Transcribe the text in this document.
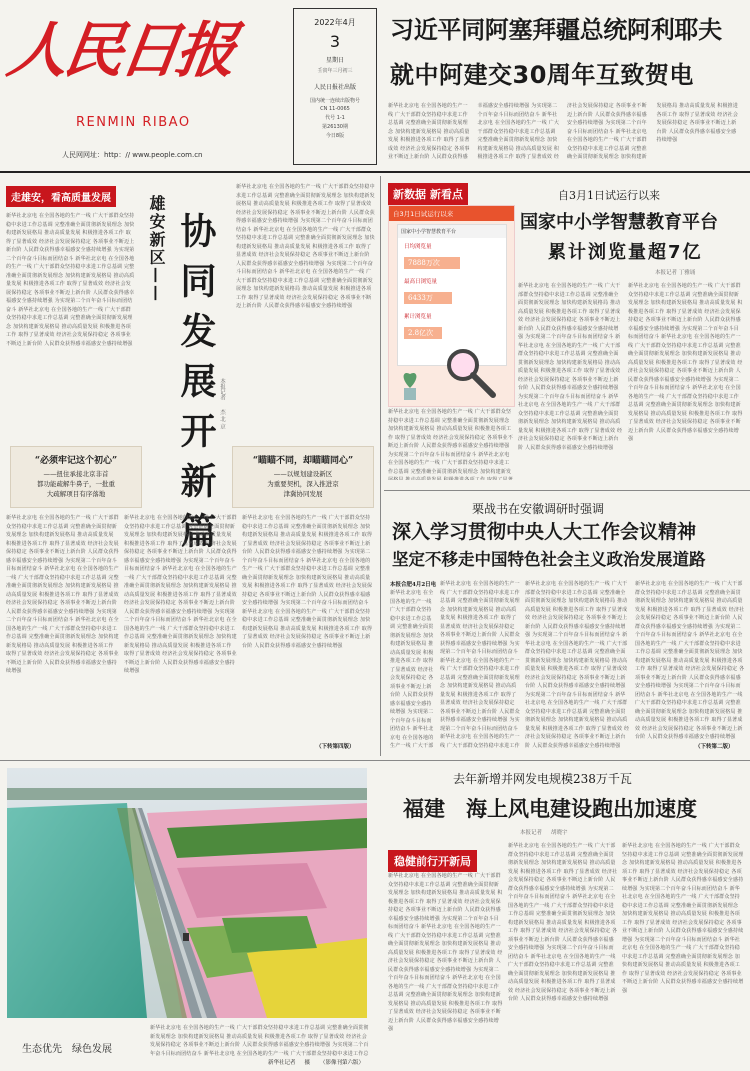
人民日报
RENMIN RIBAO
人民网网址：http：// www.people.com.cn
2022年4月
3
星期日
壬寅年三月初三
人民日报社出版
国内统一连续出版物号
CN 11-0065
代号 1-1
第26130期
今日8版
习近平同阿塞拜疆总统阿利耶夫
就中阿建交30周年互致贺电
新华社北京电 在全国各地的生产一线 广大干部群众坚持稳中求进工作总基调 完整准确全面贯彻新发展理念 加快构建新发展格局 推动高质量发展 积极推进各项工作 取得了显著成效 经济社会发展保持稳定 各项事业不断迈上新台阶 人民群众获得感幸福感安全感持续增强 为实现第二个百年奋斗目标而团结奋斗 新华社北京电 在全国各地的生产一线 广大干部群众坚持稳中求进工作总基调 完整准确全面贯彻新发展理念 加快构建新发展格局 推动高质量发展 积极推进各项工作 取得了显著成效 经济社会发展保持稳定 各项事业不断迈上新台阶 人民群众获得感幸福感安全感持续增强 为实现第二个百年奋斗目标而团结奋斗 新华社北京电 在全国各地的生产一线 广大干部群众坚持稳中求进工作总基调 完整准确全面贯彻新发展理念 加快构建新发展格局 推动高质量发展 积极推进各项工作 取得了显著成效 经济社会发展保持稳定 各项事业不断迈上新台阶 人民群众获得感幸福感安全感持续增强
走雄安，看高质量发展	雄安新区—— 协同发展开新篇 本报记者 　 杰 北 京
新华社北京电 在全国各地的生产一线 广大干部群众坚持稳中求进工作总基调 完整准确全面贯彻新发展理念 加快构建新发展格局 推动高质量发展 积极推进各项工作 取得了显著成效 经济社会发展保持稳定 各项事业不断迈上新台阶 人民群众获得感幸福感安全感持续增强 为实现第二个百年奋斗目标而团结奋斗 新华社北京电 在全国各地的生产一线 广大干部群众坚持稳中求进工作总基调 完整准确全面贯彻新发展理念 加快构建新发展格局 推动高质量发展 积极推进各项工作 取得了显著成效 经济社会发展保持稳定 各项事业不断迈上新台阶 人民群众获得感幸福感安全感持续增强 为实现第二个百年奋斗目标而团结奋斗 新华社北京电 在全国各地的生产一线 广大干部群众坚持稳中求进工作总基调 完整准确全面贯彻新发展理念 加快构建新发展格局 推动高质量发展 积极推进各项工作 取得了显著成效 经济社会发展保持稳定 各项事业不断迈上新台阶 人民群众获得感幸福感安全感持续增强
新华社北京电 在全国各地的生产一线 广大干部群众坚持稳中求进工作总基调 完整准确全面贯彻新发展理念 加快构建新发展格局 推动高质量发展 积极推进各项工作 取得了显著成效 经济社会发展保持稳定 各项事业不断迈上新台阶 人民群众获得感幸福感安全感持续增强 为实现第二个百年奋斗目标而团结奋斗 新华社北京电 在全国各地的生产一线 广大干部群众坚持稳中求进工作总基调 完整准确全面贯彻新发展理念 加快构建新发展格局 推动高质量发展 积极推进各项工作 取得了显著成效 经济社会发展保持稳定 各项事业不断迈上新台阶 人民群众获得感幸福感安全感持续增强 为实现第二个百年奋斗目标而团结奋斗 新华社北京电 在全国各地的生产一线 广大干部群众坚持稳中求进工作总基调 完整准确全面贯彻新发展理念 加快构建新发展格局 推动高质量发展 积极推进各项工作 取得了显著成效 经济社会发展保持稳定 各项事业不断迈上新台阶 人民群众获得感幸福感安全感持续增强
“必须牢记这个初心”
——扭住承接北京非首
都功能疏解牛鼻子，一批重
大疏解项目有序落地
“瞄瞄不同，却瞄瞄同心”
——以规划建设新区
为重要契机，深入推进京
津冀协同发展
新华社北京电 在全国各地的生产一线 广大干部群众坚持稳中求进工作总基调 完整准确全面贯彻新发展理念 加快构建新发展格局 推动高质量发展 积极推进各项工作 取得了显著成效 经济社会发展保持稳定 各项事业不断迈上新台阶 人民群众获得感幸福感安全感持续增强 为实现第二个百年奋斗目标而团结奋斗 新华社北京电 在全国各地的生产一线 广大干部群众坚持稳中求进工作总基调 完整准确全面贯彻新发展理念 加快构建新发展格局 推动高质量发展 积极推进各项工作 取得了显著成效 经济社会发展保持稳定 各项事业不断迈上新台阶 人民群众获得感幸福感安全感持续增强 为实现第二个百年奋斗目标而团结奋斗 新华社北京电 在全国各地的生产一线 广大干部群众坚持稳中求进工作总基调 完整准确全面贯彻新发展理念 加快构建新发展格局 推动高质量发展 积极推进各项工作 取得了显著成效 经济社会发展保持稳定 各项事业不断迈上新台阶 人民群众获得感幸福感安全感持续增强
新华社北京电 在全国各地的生产一线 广大干部群众坚持稳中求进工作总基调 完整准确全面贯彻新发展理念 加快构建新发展格局 推动高质量发展 积极推进各项工作 取得了显著成效 经济社会发展保持稳定 各项事业不断迈上新台阶 人民群众获得感幸福感安全感持续增强 为实现第二个百年奋斗目标而团结奋斗 新华社北京电 在全国各地的生产一线 广大干部群众坚持稳中求进工作总基调 完整准确全面贯彻新发展理念 加快构建新发展格局 推动高质量发展 积极推进各项工作 取得了显著成效 经济社会发展保持稳定 各项事业不断迈上新台阶 人民群众获得感幸福感安全感持续增强 为实现第二个百年奋斗目标而团结奋斗 新华社北京电 在全国各地的生产一线 广大干部群众坚持稳中求进工作总基调 完整准确全面贯彻新发展理念 加快构建新发展格局 推动高质量发展 积极推进各项工作 取得了显著成效 经济社会发展保持稳定 各项事业不断迈上新台阶 人民群众获得感幸福感安全感持续增强
新华社北京电 在全国各地的生产一线 广大干部群众坚持稳中求进工作总基调 完整准确全面贯彻新发展理念 加快构建新发展格局 推动高质量发展 积极推进各项工作 取得了显著成效 经济社会发展保持稳定 各项事业不断迈上新台阶 人民群众获得感幸福感安全感持续增强 为实现第二个百年奋斗目标而团结奋斗 新华社北京电 在全国各地的生产一线 广大干部群众坚持稳中求进工作总基调 完整准确全面贯彻新发展理念 加快构建新发展格局 推动高质量发展 积极推进各项工作 取得了显著成效 经济社会发展保持稳定 各项事业不断迈上新台阶 人民群众获得感幸福感安全感持续增强 为实现第二个百年奋斗目标而团结奋斗 新华社北京电 在全国各地的生产一线 广大干部群众坚持稳中求进工作总基调 完整准确全面贯彻新发展理念 加快构建新发展格局 推动高质量发展 积极推进各项工作 取得了显著成效 经济社会发展保持稳定 各项事业不断迈上新台阶 人民群众获得感幸福感安全感持续增强
（下转第四版）
新数据 新看点	自3月1日试运行以来
国家中小学智慧教育平台
累计浏览量超7亿
本报记者 丁雅诵
自3月1日试运行以来
国家中小学智慧教育平台
日均浏览量
7888万次
最高日浏览量
6433万
累计浏览量
2.8亿次
新华社北京电 在全国各地的生产一线 广大干部群众坚持稳中求进工作总基调 完整准确全面贯彻新发展理念 加快构建新发展格局 推动高质量发展 积极推进各项工作 取得了显著成效 经济社会发展保持稳定 各项事业不断迈上新台阶 人民群众获得感幸福感安全感持续增强 为实现第二个百年奋斗目标而团结奋斗 新华社北京电 在全国各地的生产一线 广大干部群众坚持稳中求进工作总基调 完整准确全面贯彻新发展理念 加快构建新发展格局 推动高质量发展 积极推进各项工作 取得了显著成效 经济社会发展保持稳定 各项事业不断迈上新台阶 人民群众获得感幸福感安全感持续增强 为实现第二个百年奋斗目标而团结奋斗 新华社北京电 在全国各地的生产一线 广大干部群众坚持稳中求进工作总基调 完整准确全面贯彻新发展理念 加快构建新发展格局 推动高质量发展 积极推进各项工作 取得了显著成效 经济社会发展保持稳定 各项事业不断迈上新台阶 人民群众获得感幸福感安全感持续增强
新华社北京电 在全国各地的生产一线 广大干部群众坚持稳中求进工作总基调 完整准确全面贯彻新发展理念 加快构建新发展格局 推动高质量发展 积极推进各项工作 取得了显著成效 经济社会发展保持稳定 各项事业不断迈上新台阶 人民群众获得感幸福感安全感持续增强 为实现第二个百年奋斗目标而团结奋斗 新华社北京电 在全国各地的生产一线 广大干部群众坚持稳中求进工作总基调 完整准确全面贯彻新发展理念 加快构建新发展格局 推动高质量发展 积极推进各项工作 取得了显著成效 经济社会发展保持稳定 各项事业不断迈上新台阶 人民群众获得感幸福感安全感持续增强 为实现第二个百年奋斗目标而团结奋斗 新华社北京电 在全国各地的生产一线 广大干部群众坚持稳中求进工作总基调 完整准确全面贯彻新发展理念 加快构建新发展格局 推动高质量发展 积极推进各项工作 取得了显著成效 经济社会发展保持稳定 各项事业不断迈上新台阶 人民群众获得感幸福感安全感持续增强
新华社北京电 在全国各地的生产一线 广大干部群众坚持稳中求进工作总基调 完整准确全面贯彻新发展理念 加快构建新发展格局 推动高质量发展 积极推进各项工作 取得了显著成效 经济社会发展保持稳定 各项事业不断迈上新台阶 人民群众获得感幸福感安全感持续增强 为实现第二个百年奋斗目标而团结奋斗 新华社北京电 在全国各地的生产一线 广大干部群众坚持稳中求进工作总基调 完整准确全面贯彻新发展理念 加快构建新发展格局 推动高质量发展 积极推进各项工作 取得了显著成效 经济社会发展保持稳定 各项事业不断迈上新台阶 人民群众获得感幸福感安全感持续增强 为实现第二个百年奋斗目标而团结奋斗 新华社北京电 在全国各地的生产一线 广大干部群众坚持稳中求进工作总基调 完整准确全面贯彻新发展理念 加快构建新发展格局 推动高质量发展 积极推进各项工作 取得了显著成效 经济社会发展保持稳定 各项事业不断迈上新台阶 人民群众获得感幸福感安全感持续增强
栗战书在安徽调研时强调
深入学习贯彻中央人大工作会议精神
坚定不移走中国特色社会主义政治发展道路
本报合肥4月2日电
新华社北京电 在全国各地的生产一线 广大干部群众坚持稳中求进工作总基调 完整准确全面贯彻新发展理念 加快构建新发展格局 推动高质量发展 积极推进各项工作 取得了显著成效 经济社会发展保持稳定 各项事业不断迈上新台阶 人民群众获得感幸福感安全感持续增强 为实现第二个百年奋斗目标而团结奋斗 新华社北京电 在全国各地的生产一线 广大干部群众坚持稳中求进工作总基调 完整准确全面贯彻新发展理念 加快构建新发展格局 推动高质量发展 积极推进各项工作 取得了显著成效 经济社会发展保持稳定 各项事业不断迈上新台阶 人民群众获得感幸福感安全感持续增强 为实现第二个百年奋斗目标而团结奋斗 新华社北京电 在全国各地的生产一线 广大干部群众坚持稳中求进工作总基调 完整准确全面贯彻新发展理念 加快构建新发展格局 推动高质量发展 积极推进各项工作 取得了显著成效 经济社会发展保持稳定 各项事业不断迈上新台阶 人民群众获得感幸福感安全感持续增强
新华社北京电 在全国各地的生产一线 广大干部群众坚持稳中求进工作总基调 完整准确全面贯彻新发展理念 加快构建新发展格局 推动高质量发展 积极推进各项工作 取得了显著成效 经济社会发展保持稳定 各项事业不断迈上新台阶 人民群众获得感幸福感安全感持续增强 为实现第二个百年奋斗目标而团结奋斗 新华社北京电 在全国各地的生产一线 广大干部群众坚持稳中求进工作总基调 完整准确全面贯彻新发展理念 加快构建新发展格局 推动高质量发展 积极推进各项工作 取得了显著成效 经济社会发展保持稳定 各项事业不断迈上新台阶 人民群众获得感幸福感安全感持续增强 为实现第二个百年奋斗目标而团结奋斗 新华社北京电 在全国各地的生产一线 广大干部群众坚持稳中求进工作总基调 完整准确全面贯彻新发展理念 加快构建新发展格局 推动高质量发展 积极推进各项工作 取得了显著成效 经济社会发展保持稳定 各项事业不断迈上新台阶 人民群众获得感幸福感安全感持续增强
新华社北京电 在全国各地的生产一线 广大干部群众坚持稳中求进工作总基调 完整准确全面贯彻新发展理念 加快构建新发展格局 推动高质量发展 积极推进各项工作 取得了显著成效 经济社会发展保持稳定 各项事业不断迈上新台阶 人民群众获得感幸福感安全感持续增强 为实现第二个百年奋斗目标而团结奋斗 新华社北京电 在全国各地的生产一线 广大干部群众坚持稳中求进工作总基调 完整准确全面贯彻新发展理念 加快构建新发展格局 推动高质量发展 积极推进各项工作 取得了显著成效 经济社会发展保持稳定 各项事业不断迈上新台阶 人民群众获得感幸福感安全感持续增强 为实现第二个百年奋斗目标而团结奋斗 新华社北京电 在全国各地的生产一线 广大干部群众坚持稳中求进工作总基调 完整准确全面贯彻新发展理念 加快构建新发展格局 推动高质量发展 积极推进各项工作 取得了显著成效 经济社会发展保持稳定 各项事业不断迈上新台阶 人民群众获得感幸福感安全感持续增强
新华社北京电 在全国各地的生产一线 广大干部群众坚持稳中求进工作总基调 完整准确全面贯彻新发展理念 加快构建新发展格局 推动高质量发展 积极推进各项工作 取得了显著成效 经济社会发展保持稳定 各项事业不断迈上新台阶 人民群众获得感幸福感安全感持续增强 为实现第二个百年奋斗目标而团结奋斗 新华社北京电 在全国各地的生产一线 广大干部群众坚持稳中求进工作总基调 完整准确全面贯彻新发展理念 加快构建新发展格局 推动高质量发展 积极推进各项工作 取得了显著成效 经济社会发展保持稳定 各项事业不断迈上新台阶 人民群众获得感幸福感安全感持续增强 为实现第二个百年奋斗目标而团结奋斗 新华社北京电 在全国各地的生产一线 广大干部群众坚持稳中求进工作总基调 完整准确全面贯彻新发展理念 加快构建新发展格局 推动高质量发展 积极推进各项工作 取得了显著成效 经济社会发展保持稳定 各项事业不断迈上新台阶 人民群众获得感幸福感安全感持续增强
（下转第二版）
生态优先　绿色发展
新华社北京电 在全国各地的生产一线 广大干部群众坚持稳中求进工作总基调 完整准确全面贯彻新发展理念 加快构建新发展格局 推动高质量发展 积极推进各项工作 取得了显著成效 经济社会发展保持稳定 各项事业不断迈上新台阶 人民群众获得感幸福感安全感持续增强 为实现第二个百年奋斗目标而团结奋斗 新华社北京电 在全国各地的生产一线 广大干部群众坚持稳中求进工作总基调 完整准确全面贯彻新发展理念 加快构建新发展格局 推动高质量发展 积极推进各项工作 取得了显著成效 经济社会发展保持稳定 各项事业不断迈上新台阶 人民群众获得感幸福感安全感持续增强 为实现第二个百年奋斗目标而团结奋斗 新华社北京电 在全国各地的生产一线 广大干部群众坚持稳中求进工作总基调 完整准确全面贯彻新发展理念 加快构建新发展格局 推动高质量发展 积极推进各项工作 取得了显著成效 经济社会发展保持稳定 各项事业不断迈上新台阶 人民群众获得感幸福感安全感持续增强
新华社记者 　 摄 （影像刊第六版）
去年新增并网发电规模238万千瓦
福建　海上风电建设跑出加速度
本报记者 　 胡晓宇
稳健前行开新局
新华社北京电 在全国各地的生产一线 广大干部群众坚持稳中求进工作总基调 完整准确全面贯彻新发展理念 加快构建新发展格局 推动高质量发展 积极推进各项工作 取得了显著成效 经济社会发展保持稳定 各项事业不断迈上新台阶 人民群众获得感幸福感安全感持续增强 为实现第二个百年奋斗目标而团结奋斗 新华社北京电 在全国各地的生产一线 广大干部群众坚持稳中求进工作总基调 完整准确全面贯彻新发展理念 加快构建新发展格局 推动高质量发展 积极推进各项工作 取得了显著成效 经济社会发展保持稳定 各项事业不断迈上新台阶 人民群众获得感幸福感安全感持续增强 为实现第二个百年奋斗目标而团结奋斗 新华社北京电 在全国各地的生产一线 广大干部群众坚持稳中求进工作总基调 完整准确全面贯彻新发展理念 加快构建新发展格局 推动高质量发展 积极推进各项工作 取得了显著成效 经济社会发展保持稳定 各项事业不断迈上新台阶 人民群众获得感幸福感安全感持续增强
新华社北京电 在全国各地的生产一线 广大干部群众坚持稳中求进工作总基调 完整准确全面贯彻新发展理念 加快构建新发展格局 推动高质量发展 积极推进各项工作 取得了显著成效 经济社会发展保持稳定 各项事业不断迈上新台阶 人民群众获得感幸福感安全感持续增强 为实现第二个百年奋斗目标而团结奋斗 新华社北京电 在全国各地的生产一线 广大干部群众坚持稳中求进工作总基调 完整准确全面贯彻新发展理念 加快构建新发展格局 推动高质量发展 积极推进各项工作 取得了显著成效 经济社会发展保持稳定 各项事业不断迈上新台阶 人民群众获得感幸福感安全感持续增强 为实现第二个百年奋斗目标而团结奋斗 新华社北京电 在全国各地的生产一线 广大干部群众坚持稳中求进工作总基调 完整准确全面贯彻新发展理念 加快构建新发展格局 推动高质量发展 积极推进各项工作 取得了显著成效 经济社会发展保持稳定 各项事业不断迈上新台阶 人民群众获得感幸福感安全感持续增强
新华社北京电 在全国各地的生产一线 广大干部群众坚持稳中求进工作总基调 完整准确全面贯彻新发展理念 加快构建新发展格局 推动高质量发展 积极推进各项工作 取得了显著成效 经济社会发展保持稳定 各项事业不断迈上新台阶 人民群众获得感幸福感安全感持续增强 为实现第二个百年奋斗目标而团结奋斗 新华社北京电 在全国各地的生产一线 广大干部群众坚持稳中求进工作总基调 完整准确全面贯彻新发展理念 加快构建新发展格局 推动高质量发展 积极推进各项工作 取得了显著成效 经济社会发展保持稳定 各项事业不断迈上新台阶 人民群众获得感幸福感安全感持续增强 为实现第二个百年奋斗目标而团结奋斗 新华社北京电 在全国各地的生产一线 广大干部群众坚持稳中求进工作总基调 完整准确全面贯彻新发展理念 加快构建新发展格局 推动高质量发展 积极推进各项工作 取得了显著成效 经济社会发展保持稳定 各项事业不断迈上新台阶 人民群众获得感幸福感安全感持续增强
